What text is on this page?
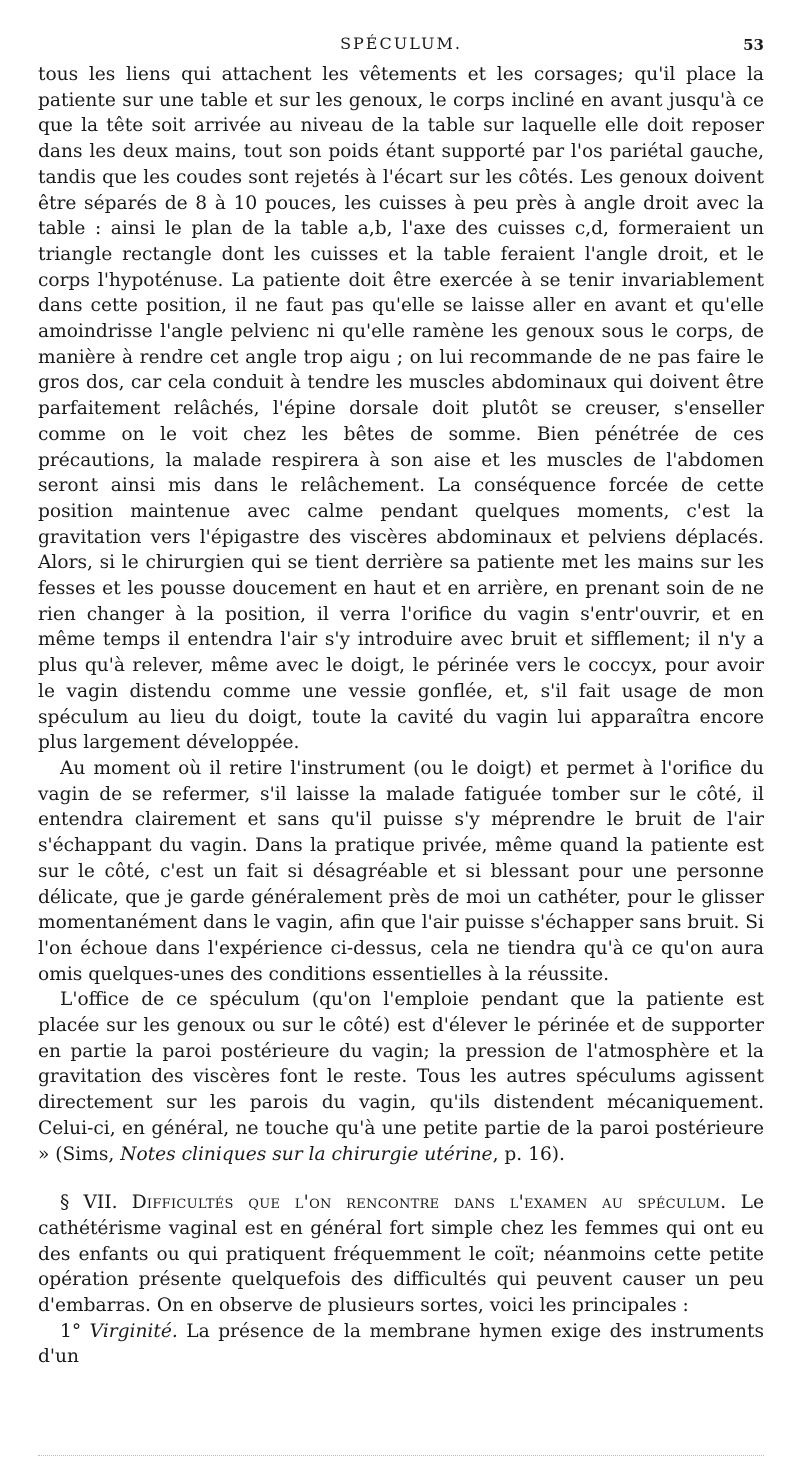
SPÉCULUM.	53

tous les liens qui attachent les vêtements et les corsages; qu'il place la patiente sur une table et sur les genoux, le corps incliné en avant jusqu'à ce que la tête soit arrivée au niveau de la table sur laquelle elle doit reposer dans les deux mains, tout son poids étant supporté par l'os pariétal gauche, tandis que les coudes sont rejetés à l'écart sur les côtés. Les genoux doivent être séparés de 8 à 10 pouces, les cuisses à peu près à angle droit avec la table : ainsi le plan de la table a,b, l'axe des cuisses c,d, formeraient un triangle rectangle dont les cuisses et la table feraient l'angle droit, et le corps l'hypoténuse. La patiente doit être exercée à se tenir invariablement dans cette position, il ne faut pas qu'elle se laisse aller en avant et qu'elle amoindrisse l'angle pelvienc ni qu'elle ramène les genoux sous le corps, de manière à rendre cet angle trop aigu ; on lui recommande de ne pas faire le gros dos, car cela conduit à tendre les muscles abdominaux qui doivent être parfaitement relâchés, l'épine dorsale doit plutôt se creuser, s'enseller comme on le voit chez les bêtes de somme. Bien pénétrée de ces précautions, la malade respirera à son aise et les muscles de l'abdomen seront ainsi mis dans le relâchement. La conséquence forcée de cette position maintenue avec calme pendant quelques moments, c'est la gravitation vers l'épigastre des viscères abdominaux et pelviens déplacés. Alors, si le chirurgien qui se tient derrière sa patiente met les mains sur les fesses et les pousse doucement en haut et en arrière, en prenant soin de ne rien changer à la position, il verra l'orifice du vagin s'entr'ouvrir, et en même temps il entendra l'air s'y introduire avec bruit et sifflement; il n'y a plus qu'à relever, même avec le doigt, le périnée vers le coccyx, pour avoir le vagin distendu comme une vessie gonflée, et, s'il fait usage de mon spéculum au lieu du doigt, toute la cavité du vagin lui apparaîtra encore plus largement développée.

Au moment où il retire l'instrument (ou le doigt) et permet à l'orifice du vagin de se refermer, s'il laisse la malade fatiguée tomber sur le côté, il entendra clairement et sans qu'il puisse s'y méprendre le bruit de l'air s'échappant du vagin. Dans la pratique privée, même quand la patiente est sur le côté, c'est un fait si désagréable et si blessant pour une personne délicate, que je garde généralement près de moi un cathéter, pour le glisser momentanément dans le vagin, afin que l'air puisse s'échapper sans bruit. Si l'on échoue dans l'expérience ci-dessus, cela ne tiendra qu'à ce qu'on aura omis quelques-unes des conditions essentielles à la réussite.

L'office de ce spéculum (qu'on l'emploie pendant que la patiente est placée sur les genoux ou sur le côté) est d'élever le périnée et de supporter en partie la paroi postérieure du vagin; la pression de l'atmosphère et la gravitation des viscères font le reste. Tous les autres spéculums agissent directement sur les parois du vagin, qu'ils distendent mécaniquement. Celui-ci, en général, ne touche qu'à une petite partie de la paroi postérieure » (Sims, Notes cliniques sur la chirurgie utérine, p. 16).

§ VII. Difficultés que l'on rencontre dans l'examen au spéculum. Le cathétérisme vaginal est en général fort simple chez les femmes qui ont eu des enfants ou qui pratiquent fréquemment le coït; néanmoins cette petite opération présente quelquefois des difficultés qui peuvent causer un peu d'embarras. On en observe de plusieurs sortes, voici les principales :

1° Virginité. La présence de la membrane hymen exige des instruments d'un
